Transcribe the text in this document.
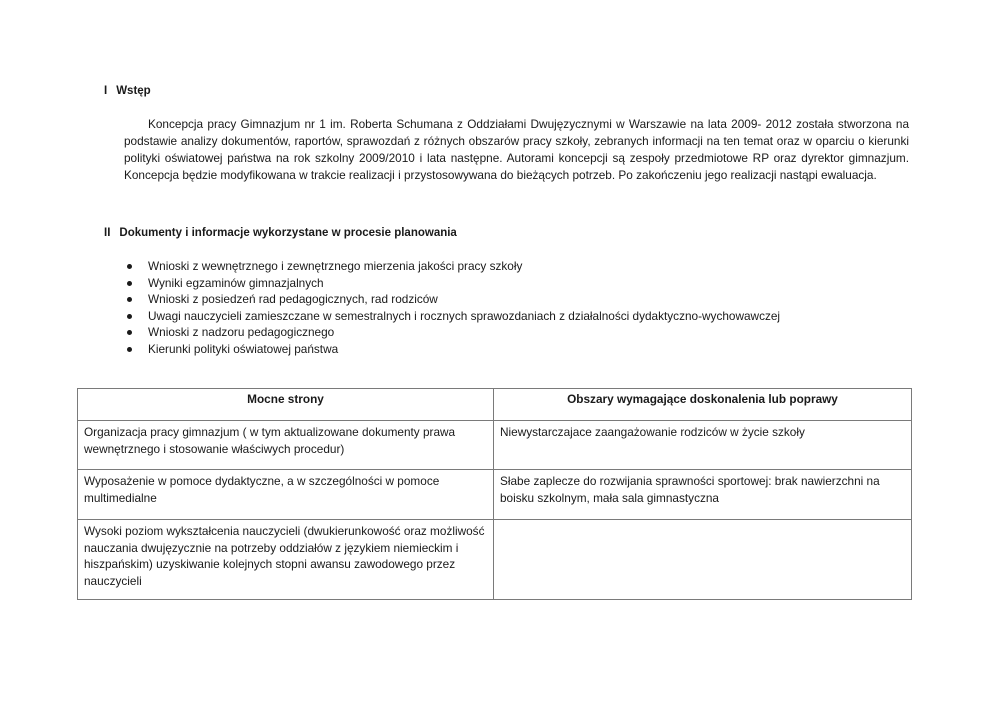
I Wstęp
Koncepcja pracy Gimnazjum nr 1 im. Roberta Schumana z Oddziałami Dwujęzycznymi w Warszawie na lata 2009- 2012 została stworzona na podstawie analizy dokumentów, raportów, sprawozdań z różnych obszarów pracy szkoły, zebranych informacji na ten temat oraz w oparciu o kierunki polityki oświatowej państwa na rok szkolny 2009/2010 i lata następne. Autorami koncepcji są zespoły przedmiotowe RP oraz dyrektor gimnazjum. Koncepcja będzie modyfikowana w trakcie realizacji i przystosowywana do bieżących potrzeb. Po zakończeniu jego realizacji nastąpi ewaluacja.
II Dokumenty i informacje wykorzystane w procesie planowania
Wnioski z wewnętrznego i zewnętrznego mierzenia jakości pracy szkoły
Wyniki egzaminów gimnazjalnych
Wnioski z posiedzeń rad pedagogicznych, rad rodziców
Uwagi nauczycieli zamieszczane w semestralnych i rocznych sprawozdaniach z działalności dydaktyczno-wychowawczej
Wnioski z nadzoru pedagogicznego
Kierunki polityki oświatowej państwa
Mocne strony	Obszary wymagające doskonalenia lub poprawy
Organizacja pracy gimnazjum ( w tym aktualizowane dokumenty prawa wewnętrznego i stosowanie właściwych procedur)	Niewystarczajace zaangażowanie rodziców w życie szkoły
Wyposażenie w pomoce dydaktyczne, a w szczególności w pomoce multimedialne	Słabe zaplecze do rozwijania sprawności sportowej: brak nawierzchni na boisku szkolnym, mała sala gimnastyczna
Wysoki poziom wykształcenia nauczycieli (dwukierunkowość oraz możliwość nauczania dwujęzycznie na potrzeby oddziałów z językiem niemieckim i hiszpańskim) uzyskiwanie kolejnych stopni awansu zawodowego przez nauczycieli	
